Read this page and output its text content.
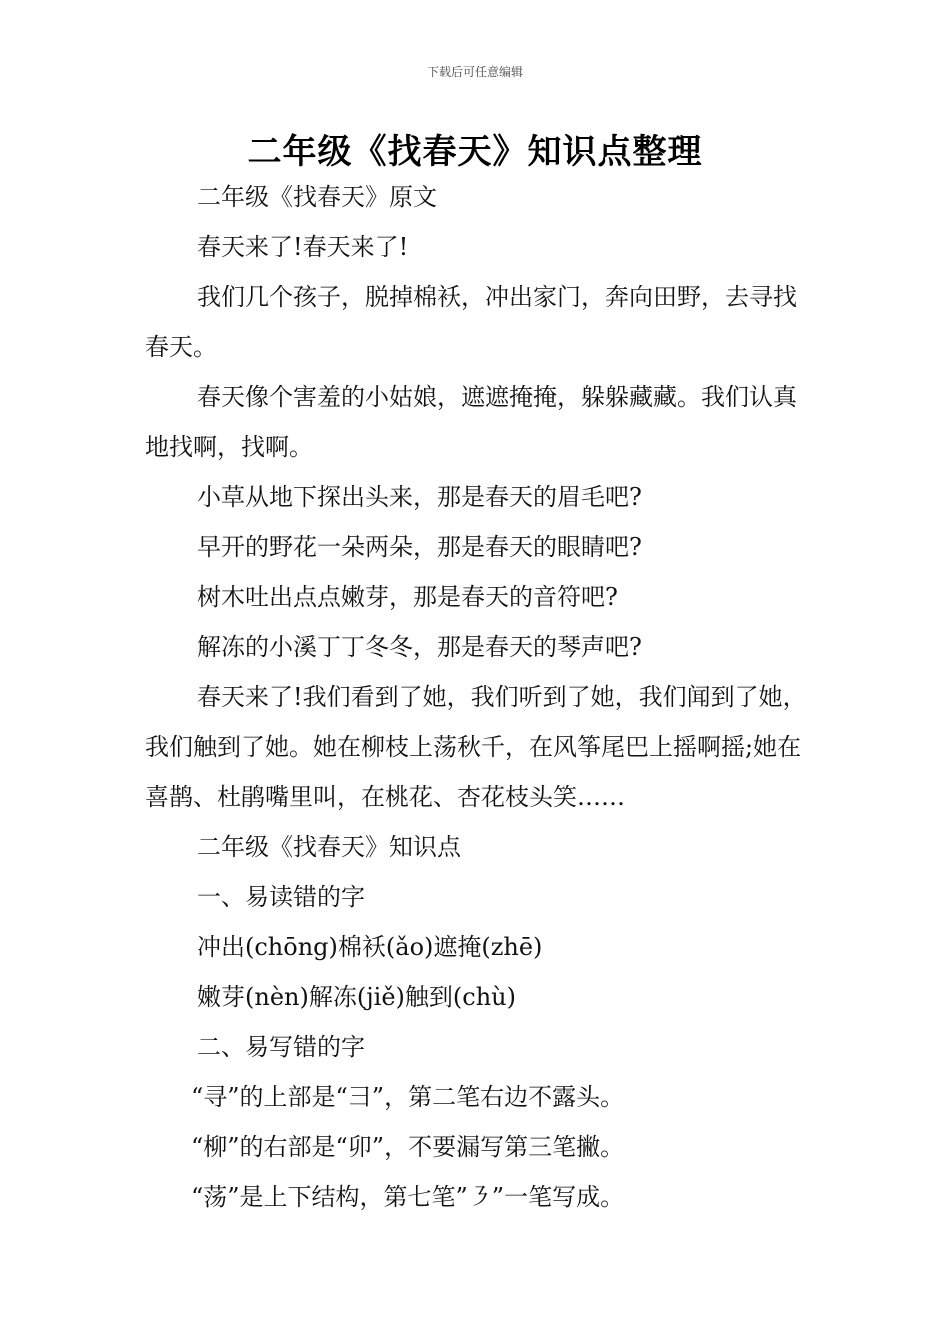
下载后可任意编辑
二年级《找春天》知识点整理

二年级《找春天》原文

春天来了!春天来了!

我们几个孩子，脱掉棉袄，冲出家门，奔向田野，去寻找春天。

春天像个害羞的小姑娘，遮遮掩掩，躲躲藏藏。我们认真地找啊，找啊。

小草从地下探出头来，那是春天的眉毛吧?

早开的野花一朵两朵，那是春天的眼睛吧?

树木吐出点点嫩芽，那是春天的音符吧?

解冻的小溪丁丁冬冬，那是春天的琴声吧?

春天来了!我们看到了她，我们听到了她，我们闻到了她，我们触到了她。她在柳枝上荡秋千，在风筝尾巴上摇啊摇;她在喜鹊、杜鹃嘴里叫，在桃花、杏花枝头笑……

二年级《找春天》知识点

一、易读错的字

冲出(chōng)棉袄(ǎo)遮掩(zhē)

嫩芽(nèn)解冻(jiě)触到(chù)

二、易写错的字

“寻”的上部是“彐”，第二笔右边不露头。

“柳”的右部是“卯”，不要漏写第三笔撇。

“荡”是上下结构，第七笔”㇋”一笔写成。
